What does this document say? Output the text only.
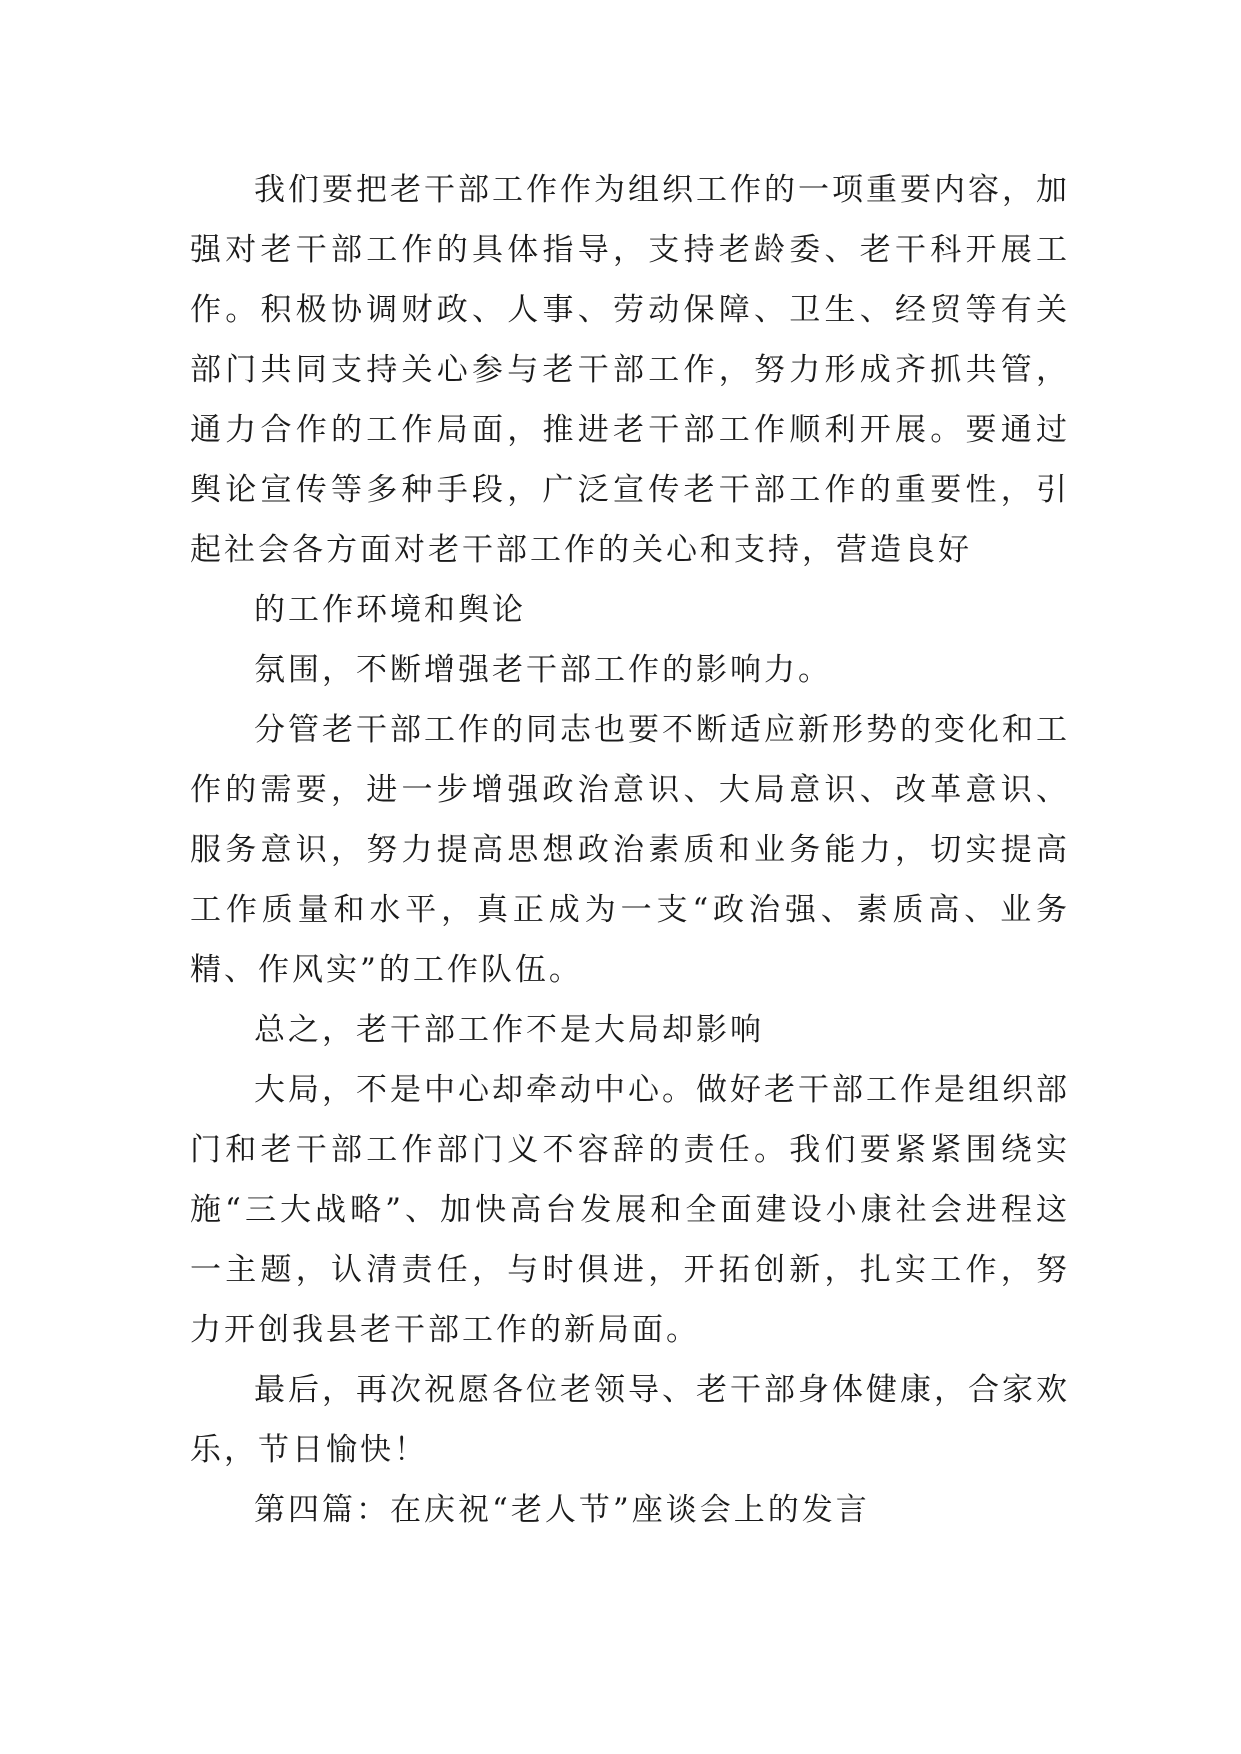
我们要把老干部工作作为组织工作的一项重要内容，加强对老干部工作的具体指导，支持老龄委、老干科开展工作。积极协调财政、人事、劳动保障、卫生、经贸等有关部门共同支持关心参与老干部工作，努力形成齐抓共管，通力合作的工作局面，推进老干部工作顺利开展。要通过舆论宣传等多种手段，广泛宣传老干部工作的重要性，引起社会各方面对老干部工作的关心和支持，营造良好

的工作环境和舆论

氛围，不断增强老干部工作的影响力。

分管老干部工作的同志也要不断适应新形势的变化和工作的需要，进一步增强政治意识、大局意识、改革意识、服务意识，努力提高思想政治素质和业务能力，切实提高工作质量和水平，真正成为一支“政治强、素质高、业务精、作风实”的工作队伍。

总之，老干部工作不是大局却影响

大局，不是中心却牵动中心。做好老干部工作是组织部门和老干部工作部门义不容辞的责任。我们要紧紧围绕实施“三大战略”、加快高台发展和全面建设小康社会进程这一主题，认清责任，与时俱进，开拓创新，扎实工作，努力开创我县老干部工作的新局面。

最后，再次祝愿各位老领导、老干部身体健康，合家欢乐，节日愉快！

第四篇：在庆祝“老人节”座谈会上的发言
